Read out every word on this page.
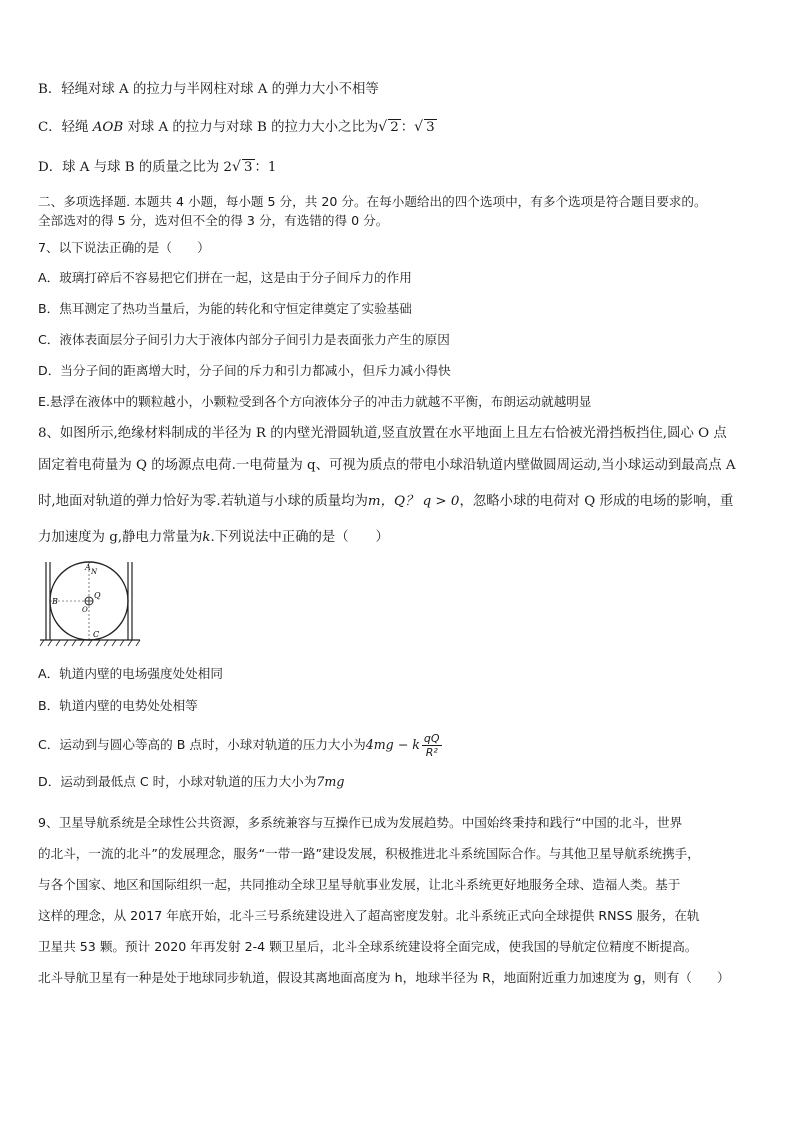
B．轻绳对球 A 的拉力与半网柱对球 A 的弹力大小不相等
C．轻绳 AOB 对球 A 的拉力与对球 B 的拉力大小之比为 √ 2 ： √ 3
D．球 A 与球 B 的质量之比为 2 √ 3 ：1
二、多项选择题. 本题共 4 小题，每小题 5 分，共 20 分。在每小题给出的四个选项中，有多个选项是符合题目要求的。
全部选对的得 5 分，选对但不全的得 3 分，有选错的得 0 分。
7、以下说法正确的是（　　）
A．玻璃打碎后不容易把它们拼在一起，这是由于分子间斥力的作用
B．焦耳测定了热功当量后，为能的转化和守恒定律奠定了实验基础
C．液体表面层分子间引力大于液体内部分子间引力是表面张力产生的原因
D．当分子间的距离增大时，分子间的斥力和引力都减小，但斥力减小得快
E.悬浮在液体中的颗粒越小，小颗粒受到各个方向液体分子的冲击力就越不平衡，布朗运动就越明显
8、如图所示,绝缘材料制成的半径为 R 的内壁光滑圆轨道,竖直放置在水平地面上且左右恰被光滑挡板挡住,圆心 O 点
固定着电荷量为 Q 的场源点电荷.一电荷量为 q、可视为质点的带电小球沿轨道内壁做圆周运动,当小球运动到最高点 A
时,地面对轨道的弹力恰好为零.若轨道与小球的质量均为m，Q？ q > 0，忽略小球的电荷对 Q 形成的电场的影响，重
力加速度为 g,静电力常量为k.下列说法中正确的是（　　）
A N
B
Q
O
C
A．轨道内壁的电场强度处处相同
B．轨道内壁的电势处处相等
C．运动到与圆心等高的 B 点时，小球对轨道的压力大小为4mg − k $\frac{qQ}{\text{R²}}$
D．运动到最低点 C 时，小球对轨道的压力大小为7mg
9、卫星导航系统是全球性公共资源，多系统兼容与互操作已成为发展趋势。中国始终秉持和践行“中国的北斗，世界
的北斗，一流的北斗”的发展理念，服务“一带一路”建设发展，积极推进北斗系统国际合作。与其他卫星导航系统携手，
与各个国家、地区和国际组织一起，共同推动全球卫星导航事业发展，让北斗系统更好地服务全球、造福人类。基于
这样的理念，从 2017 年底开始，北斗三号系统建设进入了超高密度发射。北斗系统正式向全球提供 RNSS 服务，在轨
卫星共 53 颗。预计 2020 年再发射 2-4 颗卫星后，北斗全球系统建设将全面完成，使我国的导航定位精度不断提高。
北斗导航卫星有一种是处于地球同步轨道，假设其离地面高度为 h，地球半径为 R，地面附近重力加速度为 g，则有（　　）
